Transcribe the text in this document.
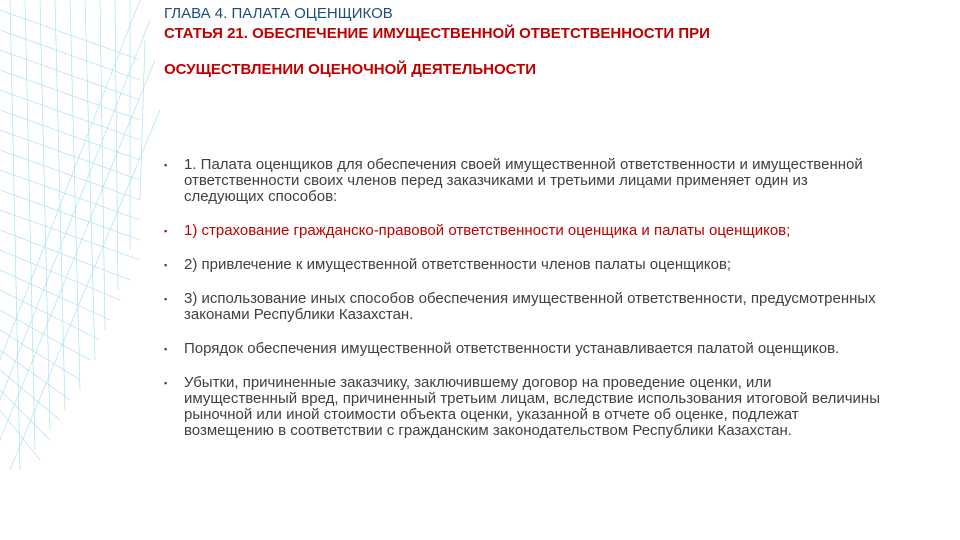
ГЛАВА 4. ПАЛАТА ОЦЕНЩИКОВ
СТАТЬЯ 21. ОБЕСПЕЧЕНИЕ ИМУЩЕСТВЕННОЙ ОТВЕТСТВЕННОСТИ ПРИ
ОСУЩЕСТВЛЕНИИ ОЦЕНОЧНОЙ ДЕЯТЕЛЬНОСТИ
▪	1. Палата оценщиков для обеспечения своей имущественной ответственности и имущественной ответственности своих членов перед заказчиками и третьими лицами применяет один из следующих способов:
▪	1) страхование гражданско-правовой ответственности оценщика и палаты оценщиков;
▪	2) привлечение к имущественной ответственности членов палаты оценщиков;
▪	3) использование иных способов обеспечения имущественной ответственности, предусмотренных законами Республики Казахстан.
▪	Порядок обеспечения имущественной ответственности устанавливается палатой оценщиков.
▪	Убытки, причиненные заказчику, заключившему договор на проведение оценки, или имущественный вред, причиненный третьим лицам, вследствие использования итоговой величины рыночной или иной стоимости объекта оценки, указанной в отчете об оценке, подлежат возмещению в соответствии с гражданским законодательством Республики Казахстан.
